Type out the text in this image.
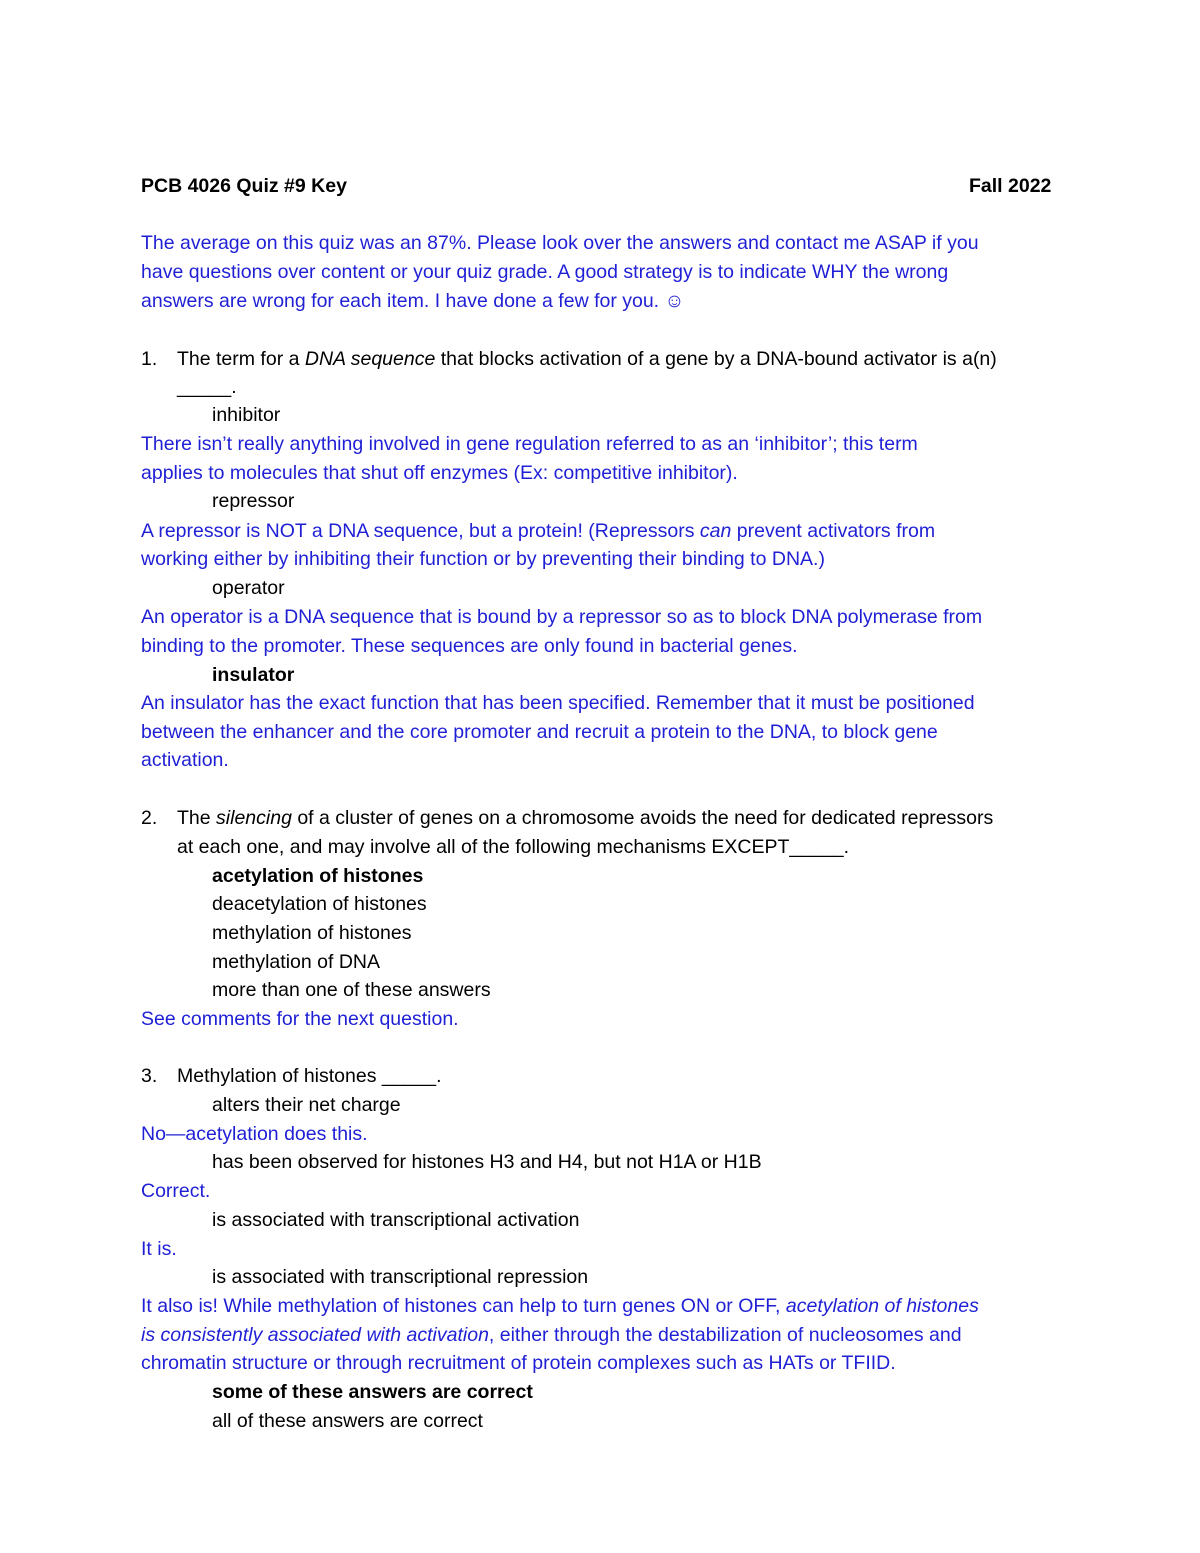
PCB 4026 Quiz #9 Key	Fall 2022
The average on this quiz was an 87%. Please look over the answers and contact me ASAP if you
have questions over content or your quiz grade. A good strategy is to indicate WHY the wrong
answers are wrong for each item. I have done a few for you. ☺
1. The term for a DNA sequence that blocks activation of a gene by a DNA-bound activator is a(n)
_____.
inhibitor
There isn’t really anything involved in gene regulation referred to as an ‘inhibitor’; this term
applies to molecules that shut off enzymes (Ex: competitive inhibitor).
repressor
A repressor is NOT a DNA sequence, but a protein! (Repressors can prevent activators from
working either by inhibiting their function or by preventing their binding to DNA.)
operator
An operator is a DNA sequence that is bound by a repressor so as to block DNA polymerase from
binding to the promoter. These sequences are only found in bacterial genes.
insulator
An insulator has the exact function that has been specified. Remember that it must be positioned
between the enhancer and the core promoter and recruit a protein to the DNA, to block gene
activation.
2. The silencing of a cluster of genes on a chromosome avoids the need for dedicated repressors
at each one, and may involve all of the following mechanisms EXCEPT_____.
acetylation of histones
deacetylation of histones
methylation of histones
methylation of DNA
more than one of these answers
See comments for the next question.
3. Methylation of histones _____.
alters their net charge
No—acetylation does this.
has been observed for histones H3 and H4, but not H1A or H1B
Correct.
is associated with transcriptional activation
It is.
is associated with transcriptional repression
It also is! While methylation of histones can help to turn genes ON or OFF, acetylation of histones
is consistently associated with activation, either through the destabilization of nucleosomes and
chromatin structure or through recruitment of protein complexes such as HATs or TFIID.
some of these answers are correct
all of these answers are correct
